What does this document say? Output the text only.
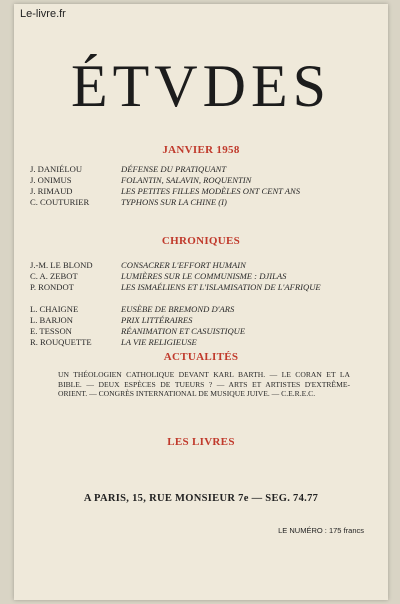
Le-livre.fr
ÉTVDES
JANVIER 1958
J. DANIÉLOU	DÉFENSE DU PRATIQUANT
J. ONIMUS	FOLANTIN, SALAVIN, ROQUENTIN
J. RIMAUD	LES PETITES FILLES MODÈLES ONT CENT ANS
C. COUTURIER	TYPHONS SUR LA CHINE (I)
CHRONIQUES
J.-M. LE BLOND	CONSACRER L'EFFORT HUMAIN
C. A. ZEBOT	LUMIÈRES SUR LE COMMUNISME : DJILAS
P. RONDOT	LES ISMAÉLIENS ET L'ISLAMISATION DE L'AFRIQUE
L. CHAIGNE	EUSÈBE DE BREMOND D'ARS
L. BARJON	PRIX LITTÉRAIRES
E. TESSON	RÉANIMATION ET CASUISTIQUE
R. ROUQUETTE	LA VIE RELIGIEUSE
ACTUALITÉS
UN THÉOLOGIEN CATHOLIQUE DEVANT KARL BARTH. — LE CORAN ET LA BIBLE. — DEUX ESPÈCES DE TUEURS ? — ARTS ET ARTISTES D'EXTRÊME-ORIENT. — CONGRÈS INTERNATIONAL DE MUSIQUE JUIVE. — C.E.R.E.C.
LES LIVRES
A PARIS, 15, RUE MONSIEUR 7e — SEG. 74.77
LE NUMÉRO : 175 francs
